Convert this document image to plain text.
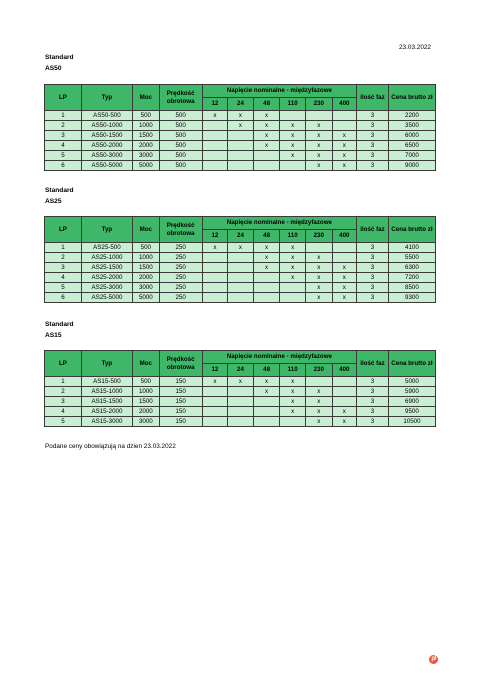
23.03.2022
Standard
AS50
LP	Typ	Moc	Prędkość obrotowa	Napięcie nominalne - międzyfazowe						ilość faz	Cena brutto zł

				12	24	48	110	230	400		

1	AS50-500	500	500	x	x	x				3	2200
2	AS50-1000	1000	500		x	x	x	x		3	3500
3	AS50-1500	1500	500			x	x	x	x	3	6000
4	AS50-2000	2000	500			x	x	x	x	3	6500
5	AS50-3000	3000	500				x	x	x	3	7000
6	AS50-5000	5000	500					x	x	3	9000
Standard
AS25
LP	Typ	Moc	Prędkość obrotowa	Napięcie nominalne - międzyfazowe						ilość faz	Cena brutto zł

				12	24	48	110	230	400		

1	AS25-500	500	250	x	x	x	x			3	4100
2	AS25-1000	1000	250			x	x	x		3	5500
3	AS25-1500	1500	250			x	x	x	x	3	6300
4	AS25-2000	2000	250				x	x	x	3	7200
5	AS25-3000	3000	250					x	x	3	8500
6	AS25-5000	5000	250					x	x	3	9300
Standard
AS15
LP	Typ	Moc	Prędkość obrotowa	Napięcie nominalne - międzyfazowe						ilość faz	Cena brutto zł

				12	24	48	110	230	400		

1	AS15-500	500	150	x	x	x	x			3	5000
2	AS15-1000	1000	150			x	x	x		3	5900
3	AS15-1500	1500	150				x	x		3	6900
4	AS15-2000	2000	150				x	x	x	3	9500
5	AS15-3000	3000	150					x	x	3	10500
Podane ceny obowiązują na dzien 23.03.2022
Lento pl
